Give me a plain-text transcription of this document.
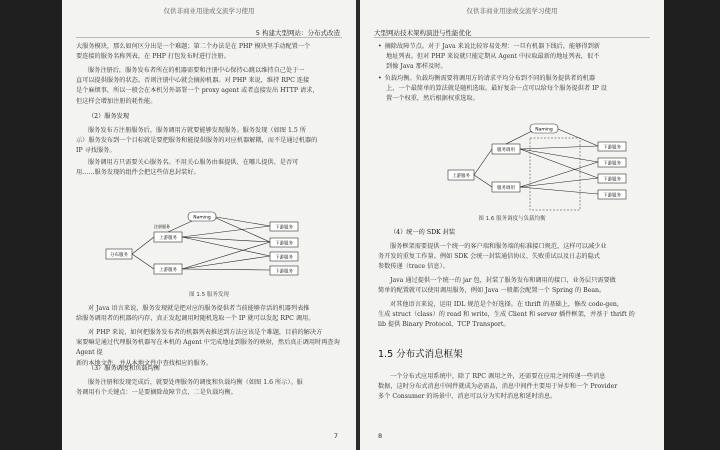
仅供非商业用途或交流学习使用
5 构建大型网站：分布式改造
大服务模块，那么如何区分出是一个难题；第二个办法是在 PHP 模块里手动配置一个
要连接的服务名称列表，在 PHP 打包发布时进行注册。
服务注册后，服务发布者所在的机器需要和注册中心保持心跳以维持自己处于一
直可以提供服务的状态。否则注册中心就会摘掉机器。对 PHP 来说，维持 RPC 连接
是个麻烦事，所以一般会在本机另外部署一个 proxy agent 或者直接发出 HTTP 请求，
但这样会增加注册的耗性能。
（2）服务发现
服务发布方注册服务后，服务调用方就要能够发现服务。服务发现（如图 1.5 所
示）服务发布到一个目标就是要把服务和能提供服务的对应机器解耦，而不是通过机器的
IP 寻找服务。
服务调用方只需要关心服务名。不用关心服务由谁提供、在哪儿提供、是否可
用……服务发现的组件会把这些信息封装好。
分布服务
Naming
注册服务
上游服务
上游服务
下游服务
下游服务
下游服务
下游服务
图 1.5 服务发现
对 Java 语言来说，服务发现就是把对应的服务提供者当前能够存活的机器列表推
给服务调用者的机器的内存，真正发起调用时随机选取一个 IP 就可以发起 RPC 调用。
对 PHP 来说，如何把服务发布者的机器列表推送到方法应该是个难题，目前的解决方
案要嘛是通过代理服务机器写在本机的 Agent 中完成地址到服务的映射，然后真正调用时再查询 Agent 提
新的本地文件，并从本地文件中查找相应的服务。
（3）服务调度和负载均衡
服务注册和发现完成后，就要处理服务的调度和负载均衡（如图 1.6 所示）。服
务调用有个关键点：一是要摘除故障节点，二是负载均衡。
7
仅供非商业用途或交流学习使用
大型网站技术架构演进与性能优化
• 摘除故障节点。对于 Java 来说比较容易处理：一旦有机器下线后，能够得到新
地址列表。但对 PHP 来说就只能定期从 Agent 中拉取最新的地址列表，很不
到像 Java 那样及时。
• 负载均衡。负载均衡需要将调用方的请求平均分布到不同的服务提供者的机器
上，一个最简单的算法就是随机选取。最好复杂一点可以给每个服务提供者 IP 设
置一个权重，然后根据权重选取。
上游服务
Naming
服务调用
服务调用
下游服务
下游服务
下游服务
下游服务
图 1.6 服务调度与负载均衡
（4）统一的 SDK 封装
服务框架需要提供一个统一的客户端和服务端的标准接口规范，这样可以减少业
务开发的重复工作量。例如 SDK 会统一封装通信协议、失败重试以及日志的隐式
参数传递（trace 信息）。
Java 通过提供一个统一的 jar 包，封装了服务发布和调用的接口，业务层只需要做
简单的配置就可以使用调用服务，例如 Java 一般都会配置一个 Spring 的 Bean。
对其他语言来说，运用 IDL 规范是个好选择。在 thrift 的基础上，修改 code-gen，
生成 struct（class）的 read 和 write，生成 Client 和 server 插件框架，并基于 thrift 的
lib 提供 Binary Protocol、TCP Transport。
1.5 分布式消息框架
一个分布式应用系统中，除了 RPC 调用之外，还需要在应用之间传递一些消息
数据，这时分布式消息中间件就成为必需品，消息中间件主要用于异步和一个 Provider
多个 Consumer 的场景中，消息可以分为实时消息和延时消息。
8
